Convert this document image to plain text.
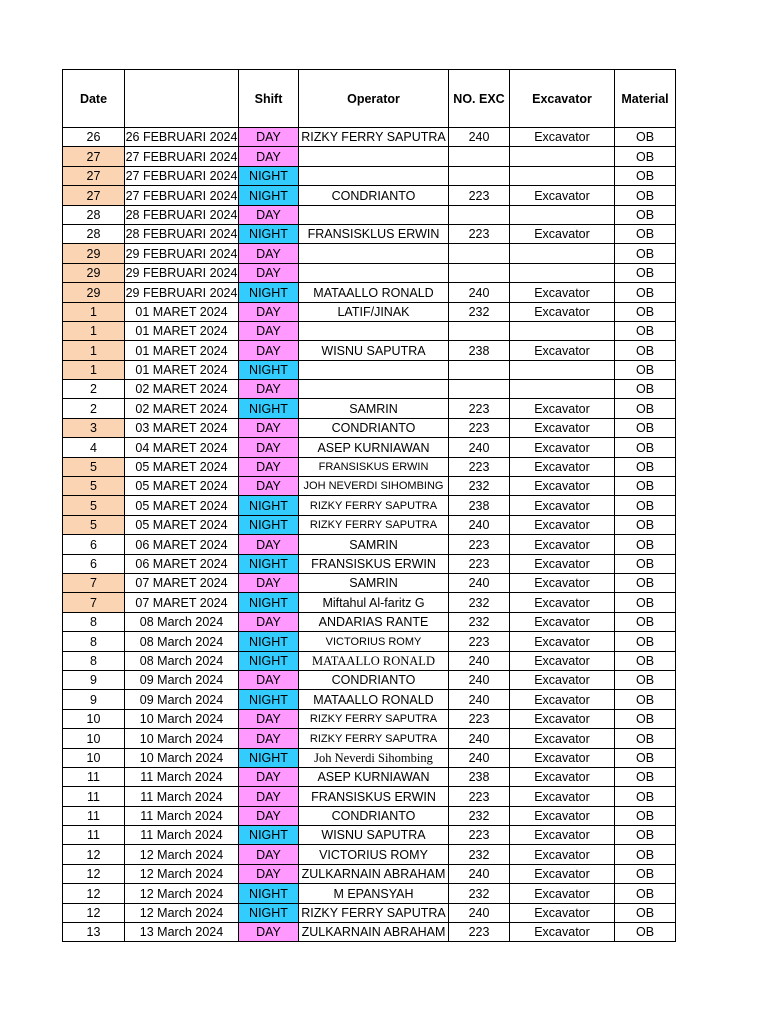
Date		Shift	Operator	NO. EXC	Excavator	Material
26	26 FEBRUARI 2024	DAY	RIZKY FERRY SAPUTRA	240	Excavator	OB
27	27 FEBRUARI 2024	DAY				OB
27	27 FEBRUARI 2024	NIGHT				OB
27	27 FEBRUARI 2024	NIGHT	CONDRIANTO	223	Excavator	OB
28	28 FEBRUARI 2024	DAY				OB
28	28 FEBRUARI 2024	NIGHT	FRANSISKLUS ERWIN	223	Excavator	OB
29	29 FEBRUARI 2024	DAY				OB
29	29 FEBRUARI 2024	DAY				OB
29	29 FEBRUARI 2024	NIGHT	MATAALLO RONALD	240	Excavator	OB
1	01 MARET 2024	DAY	LATIF/JINAK	232	Excavator	OB
1	01 MARET 2024	DAY				OB
1	01 MARET 2024	DAY	WISNU SAPUTRA	238	Excavator	OB
1	01 MARET 2024	NIGHT				OB
2	02 MARET 2024	DAY				OB
2	02 MARET 2024	NIGHT	SAMRIN	223	Excavator	OB
3	03 MARET 2024	DAY	CONDRIANTO	223	Excavator	OB
4	04 MARET 2024	DAY	ASEP KURNIAWAN	240	Excavator	OB
5	05 MARET 2024	DAY	FRANSISKUS ERWIN	223	Excavator	OB
5	05 MARET 2024	DAY	JOH NEVERDI SIHOMBING	232	Excavator	OB
5	05 MARET 2024	NIGHT	RIZKY FERRY SAPUTRA	238	Excavator	OB
5	05 MARET 2024	NIGHT	RIZKY FERRY SAPUTRA	240	Excavator	OB
6	06 MARET 2024	DAY	SAMRIN	223	Excavator	OB
6	06 MARET 2024	NIGHT	FRANSISKUS ERWIN	223	Excavator	OB
7	07 MARET 2024	DAY	SAMRIN	240	Excavator	OB
7	07 MARET 2024	NIGHT	Miftahul Al-faritz G	232	Excavator	OB
8	08 March 2024	DAY	ANDARIAS RANTE	232	Excavator	OB
8	08 March 2024	NIGHT	VICTORIUS ROMY	223	Excavator	OB
8	08 March 2024	NIGHT	MATAALLO RONALD	240	Excavator	OB
9	09 March 2024	DAY	CONDRIANTO	240	Excavator	OB
9	09 March 2024	NIGHT	MATAALLO RONALD	240	Excavator	OB
10	10 March 2024	DAY	RIZKY FERRY SAPUTRA	223	Excavator	OB
10	10 March 2024	DAY	RIZKY FERRY SAPUTRA	240	Excavator	OB
10	10 March 2024	NIGHT	Joh Neverdi Sihombing	240	Excavator	OB
11	11 March 2024	DAY	ASEP KURNIAWAN	238	Excavator	OB
11	11 March 2024	DAY	FRANSISKUS ERWIN	223	Excavator	OB
11	11 March 2024	DAY	CONDRIANTO	232	Excavator	OB
11	11 March 2024	NIGHT	WISNU SAPUTRA	223	Excavator	OB
12	12 March 2024	DAY	VICTORIUS ROMY	232	Excavator	OB
12	12 March 2024	DAY	ZULKARNAIN ABRAHAM	240	Excavator	OB
12	12 March 2024	NIGHT	M EPANSYAH	232	Excavator	OB
12	12 March 2024	NIGHT	RIZKY FERRY SAPUTRA	240	Excavator	OB
13	13 March 2024	DAY	ZULKARNAIN ABRAHAM	223	Excavator	OB
